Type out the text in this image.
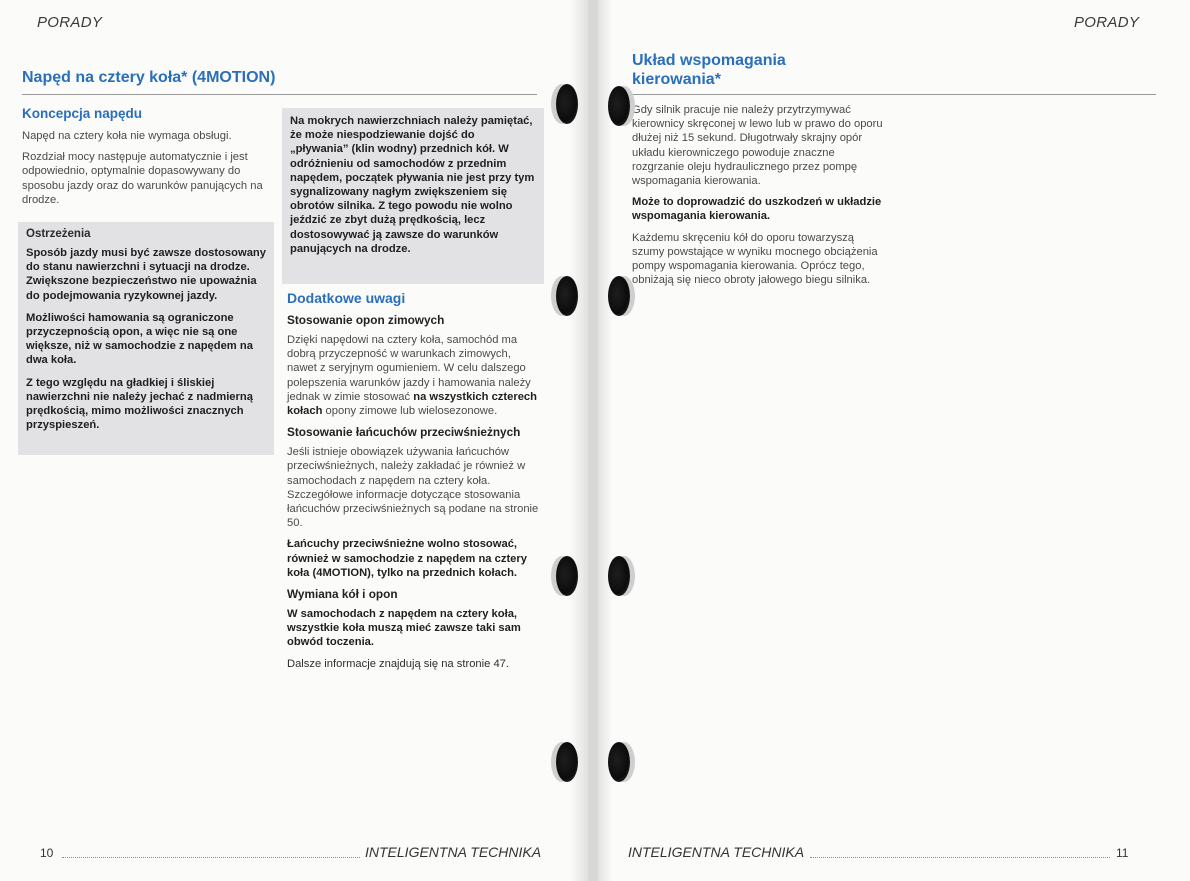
PORADY
Napęd na cztery koła* (4MOTION)
Koncepcja napędu

Napęd na cztery koła nie wymaga obsługi.

Rozdział mocy następuje automatycznie i jest odpowiednio, optymalnie dopasowywany do sposobu jazdy oraz do warunków panujących na drodze.

Ostrzeżenia

Sposób jazdy musi być zawsze dostosowany do stanu nawierzchni i sytuacji na drodze. Zwiększone bezpieczeństwo nie upoważnia do podejmowania ryzykownej jazdy.

Możliwości hamowania są ograniczone przyczepnością opon, a więc nie są one większe, niż w samochodzie z napędem na dwa koła.

Z tego względu na gładkiej i śliskiej nawierzchni nie należy jechać z nadmierną prędkością, mimo możliwości znacznych przyspieszeń.

Na mokrych nawierzchniach należy pamiętać, że może niespodziewanie dojść do „pływania” (klin wodny) przednich kół. W odróżnieniu od samochodów z przednim napędem, początek pływania nie jest przy tym sygnalizowany nagłym zwiększeniem się obrotów silnika. Z tego powodu nie wolno jeździć ze zbyt dużą prędkością, lecz dostosowywać ją zawsze do warunków panujących na drodze.

Dodatkowe uwagi
Stosowanie opon zimowych

Dzięki napędowi na cztery koła, samochód ma dobrą przyczepność w warunkach zimowych, nawet z seryjnym ogumieniem. W celu dalszego polepszenia warunków jazdy i hamowania należy jednak w zimie stosować na wszystkich czterech kołach opony zimowe lub wielosezonowe.

Stosowanie łańcuchów przeciwśnieżnych

Jeśli istnieje obowiązek używania łańcuchów przeciwśnieżnych, należy zakładać je również w samochodach z napędem na cztery koła. Szczegółowe informacje dotyczące stosowania łańcuchów przeciwśnieżnych są podane na stronie 50.

Łańcuchy przeciwśnieżne wolno stosować, również w samochodzie z napędem na cztery koła (4MOTION), tylko na przednich kołach.

Wymiana kół i opon

W samochodach z napędem na cztery koła, wszystkie koła muszą mieć zawsze taki sam obwód toczenia.

Dalsze informacje znajdują się na stronie 47.

10	INTELIGENTNA TECHNIKA
PORADY
Układ wspomagania
kierowania*

Gdy silnik pracuje nie należy przytrzymywać kierownicy skręconej w lewo lub w prawo do oporu dłużej niż 15 sekund. Długotrwały skrajny opór układu kierowniczego powoduje znaczne rozgrzanie oleju hydraulicznego przez pompę wspomagania kierowania.

Może to doprowadzić do uszkodzeń w układzie wspomagania kierowania.

Każdemu skręceniu kół do oporu towarzyszą szumy powstające w wyniku mocnego obciążenia pompy wspomagania kierowania. Oprócz tego, obniżają się nieco obroty jałowego biegu silnika.

INTELIGENTNA TECHNIKA	11
